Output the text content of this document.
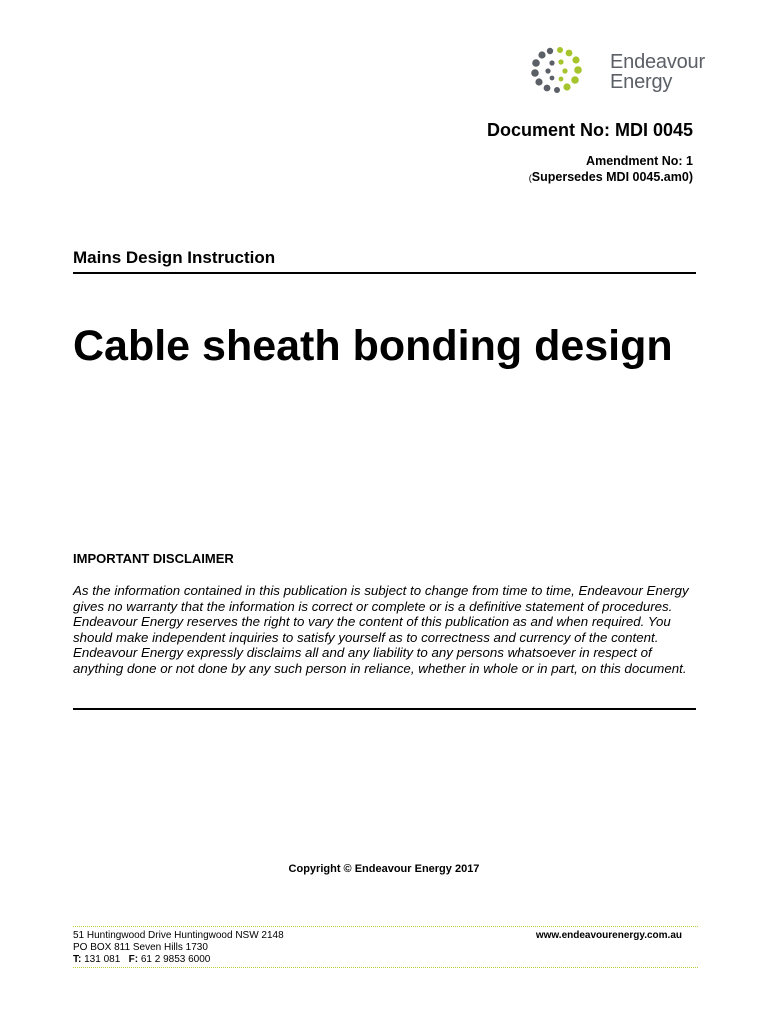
Endeavour
Energy
Document No: MDI 0045
Amendment No: 1
(Supersedes MDI 0045.am0)
Mains Design Instruction
Cable sheath bonding design
IMPORTANT DISCLAIMER
As the information contained in this publication is subject to change from time to time, Endeavour Energy gives no warranty that the information is correct or complete or is a definitive statement of procedures. Endeavour Energy reserves the right to vary the content of this publication as and when required. You should make independent inquiries to satisfy yourself as to correctness and currency of the content. Endeavour Energy expressly disclaims all and any liability to any persons whatsoever in respect of anything done or not done by any such person in reliance, whether in whole or in part, on this document.
Copyright © Endeavour Energy 2017
51 Huntingwood Drive Huntingwood NSW 2148
PO BOX 811 Seven Hills 1730
T: 131 081 F: 61 2 9853 6000
www.endeavourenergy.com.au
